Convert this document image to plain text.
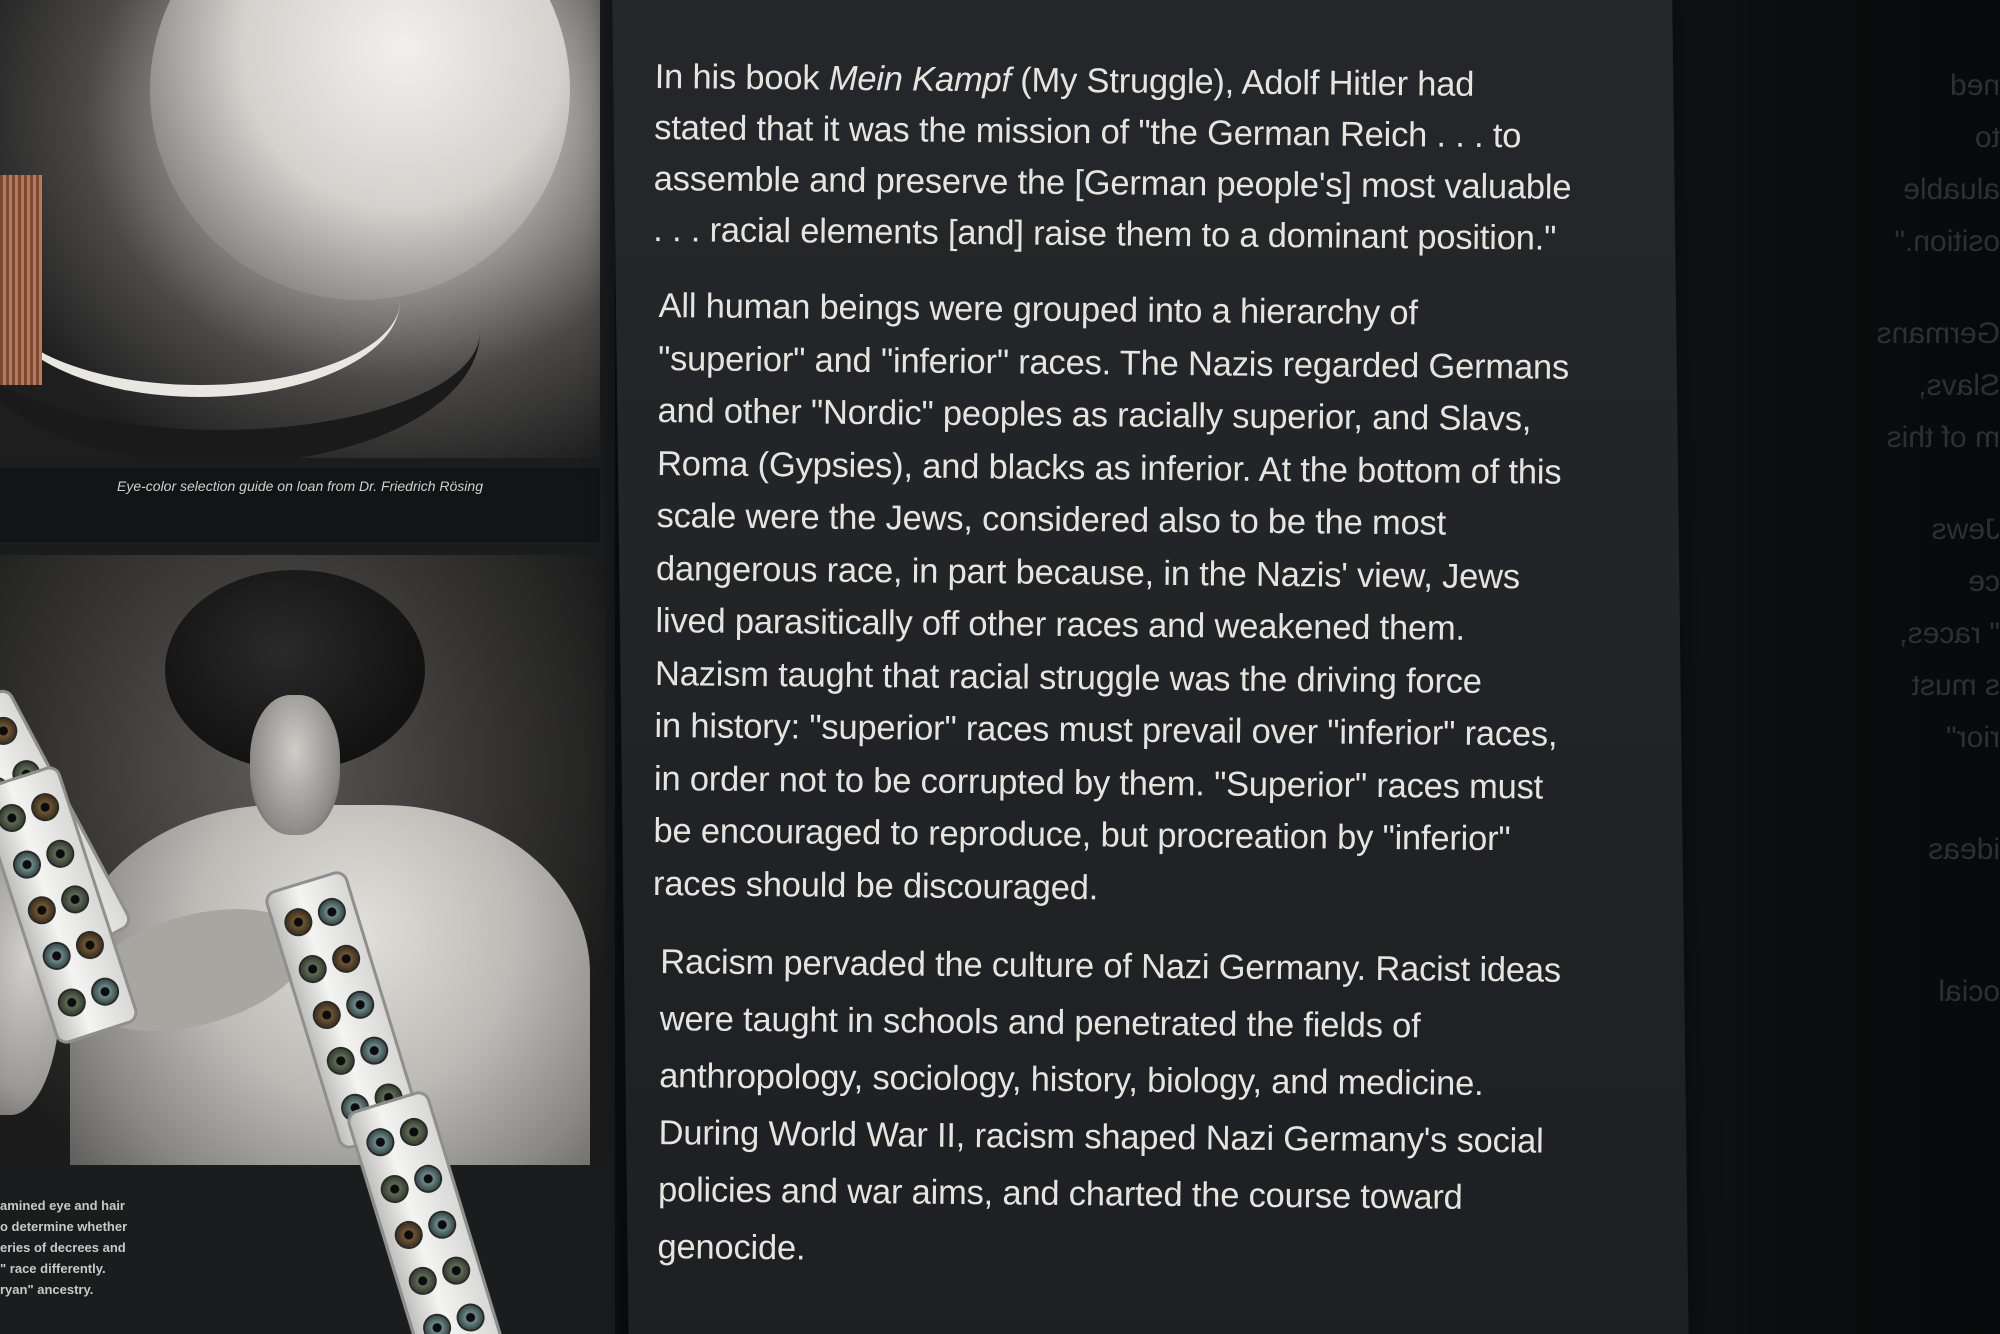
Eye-color selection guide on loan from Dr. Friedrich Rösing
amined eye and hair
o determine whether
eries of decrees and
" race differently.
ryan" ancestry.
ned
to
aluable
osition."
Germans
Slavs,
m of this
Jews
ce
" races,
s must
rior"
ideas
ocial

In his book Mein Kampf (My Struggle), Adolf Hitler had
stated that it was the mission of "the German Reich . . . to
assemble and preserve the [German people's] most valuable
. . . racial elements [and] raise them to a dominant position."

All human beings were grouped into a hierarchy of
"superior" and "inferior" races. The Nazis regarded Germans
and other "Nordic" peoples as racially superior, and Slavs,
Roma (Gypsies), and blacks as inferior. At the bottom of this
scale were the Jews, considered also to be the most
dangerous race, in part because, in the Nazis' view, Jews
lived parasitically off other races and weakened them.
Nazism taught that racial struggle was the driving force
in history: "superior" races must prevail over "inferior" races,
in order not to be corrupted by them. "Superior" races must
be encouraged to reproduce, but procreation by "inferior"
races should be discouraged.

Racism pervaded the culture of Nazi Germany. Racist ideas
were taught in schools and penetrated the fields of
anthropology, sociology, history, biology, and medicine.
During World War II, racism shaped Nazi Germany's social
policies and war aims, and charted the course toward
genocide.
